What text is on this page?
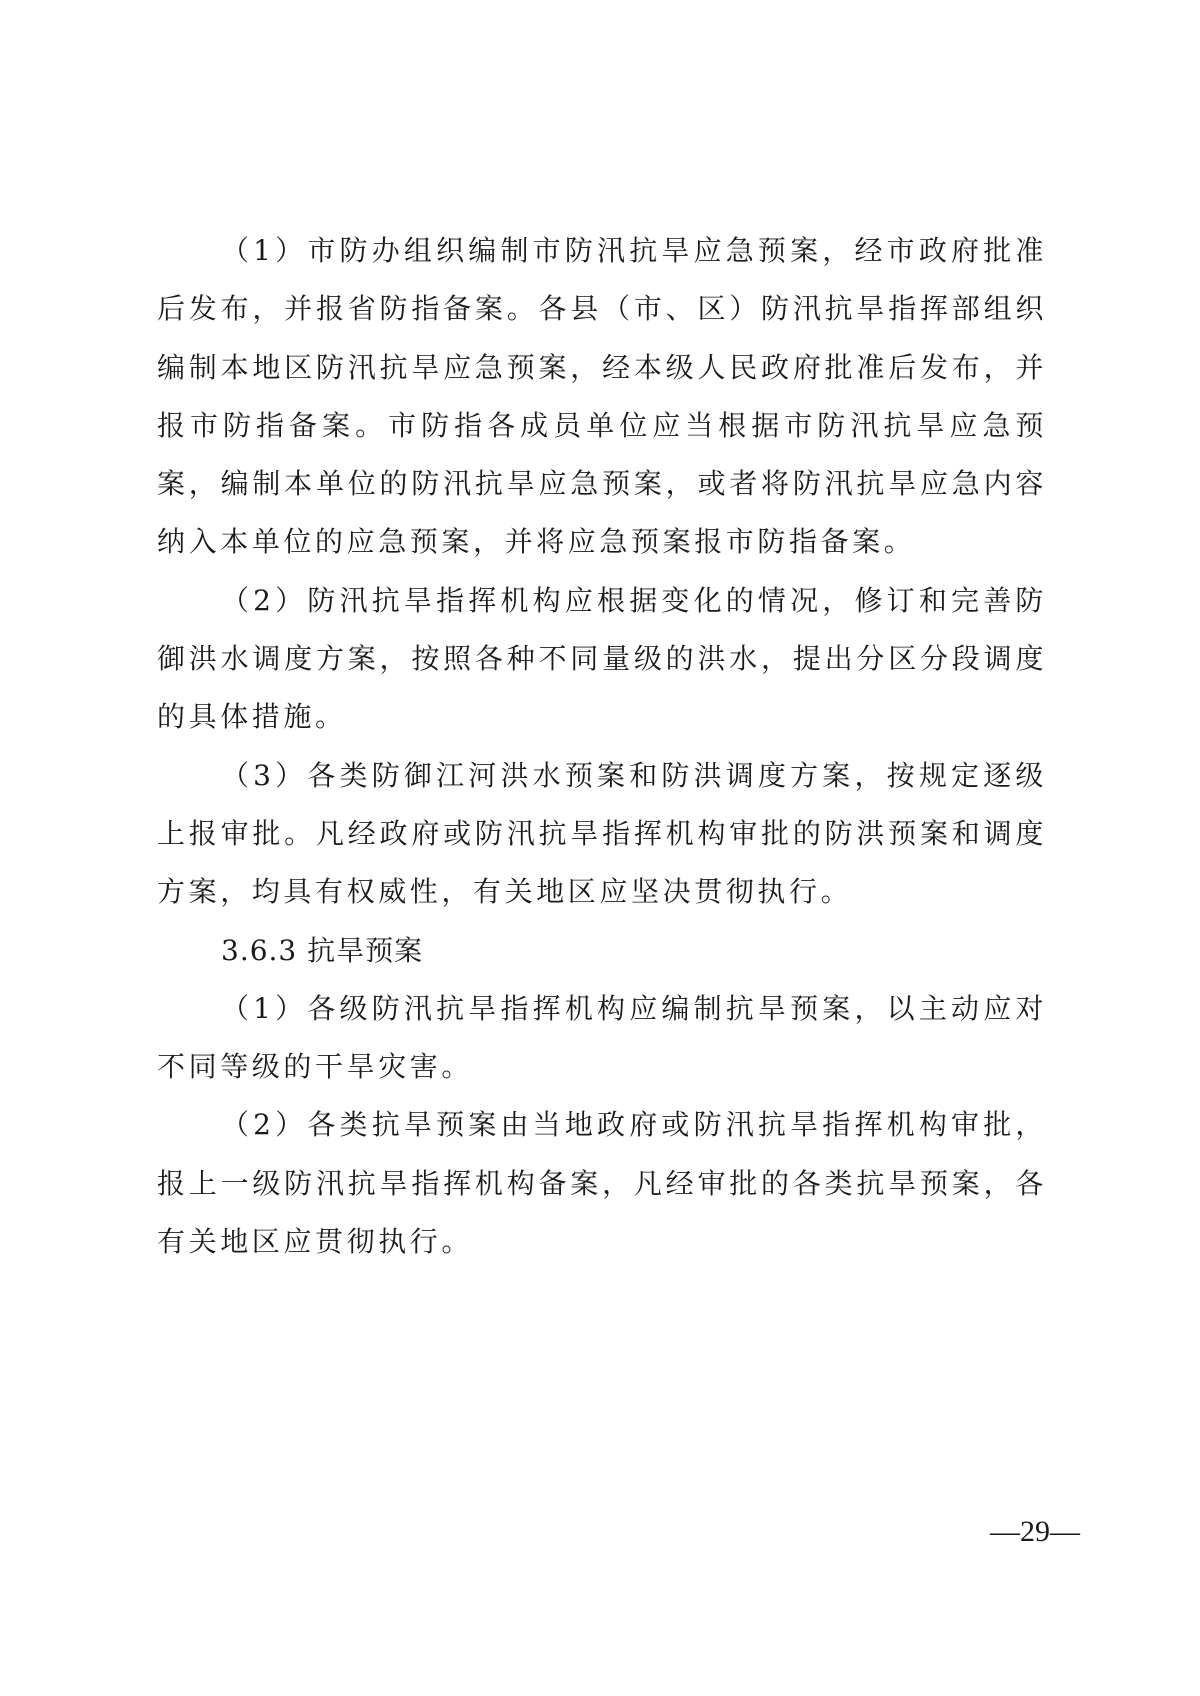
（1）市防办组织编制市防汛抗旱应急预案，经市政府批准后发布，并报省防指备案。各县（市、区）防汛抗旱指挥部组织编制本地区防汛抗旱应急预案，经本级人民政府批准后发布，并报市防指备案。市防指各成员单位应当根据市防汛抗旱应急预案，编制本单位的防汛抗旱应急预案，或者将防汛抗旱应急内容纳入本单位的应急预案，并将应急预案报市防指备案。

（2）防汛抗旱指挥机构应根据变化的情况，修订和完善防御洪水调度方案，按照各种不同量级的洪水，提出分区分段调度的具体措施。

（3）各类防御江河洪水预案和防洪调度方案，按规定逐级上报审批。凡经政府或防汛抗旱指挥机构审批的防洪预案和调度方案，均具有权威性，有关地区应坚决贯彻执行。

3.6.3 抗旱预案

（1）各级防汛抗旱指挥机构应编制抗旱预案，以主动应对不同等级的干旱灾害。

（2）各类抗旱预案由当地政府或防汛抗旱指挥机构审批，报上一级防汛抗旱指挥机构备案，凡经审批的各类抗旱预案，各有关地区应贯彻执行。

—29—
